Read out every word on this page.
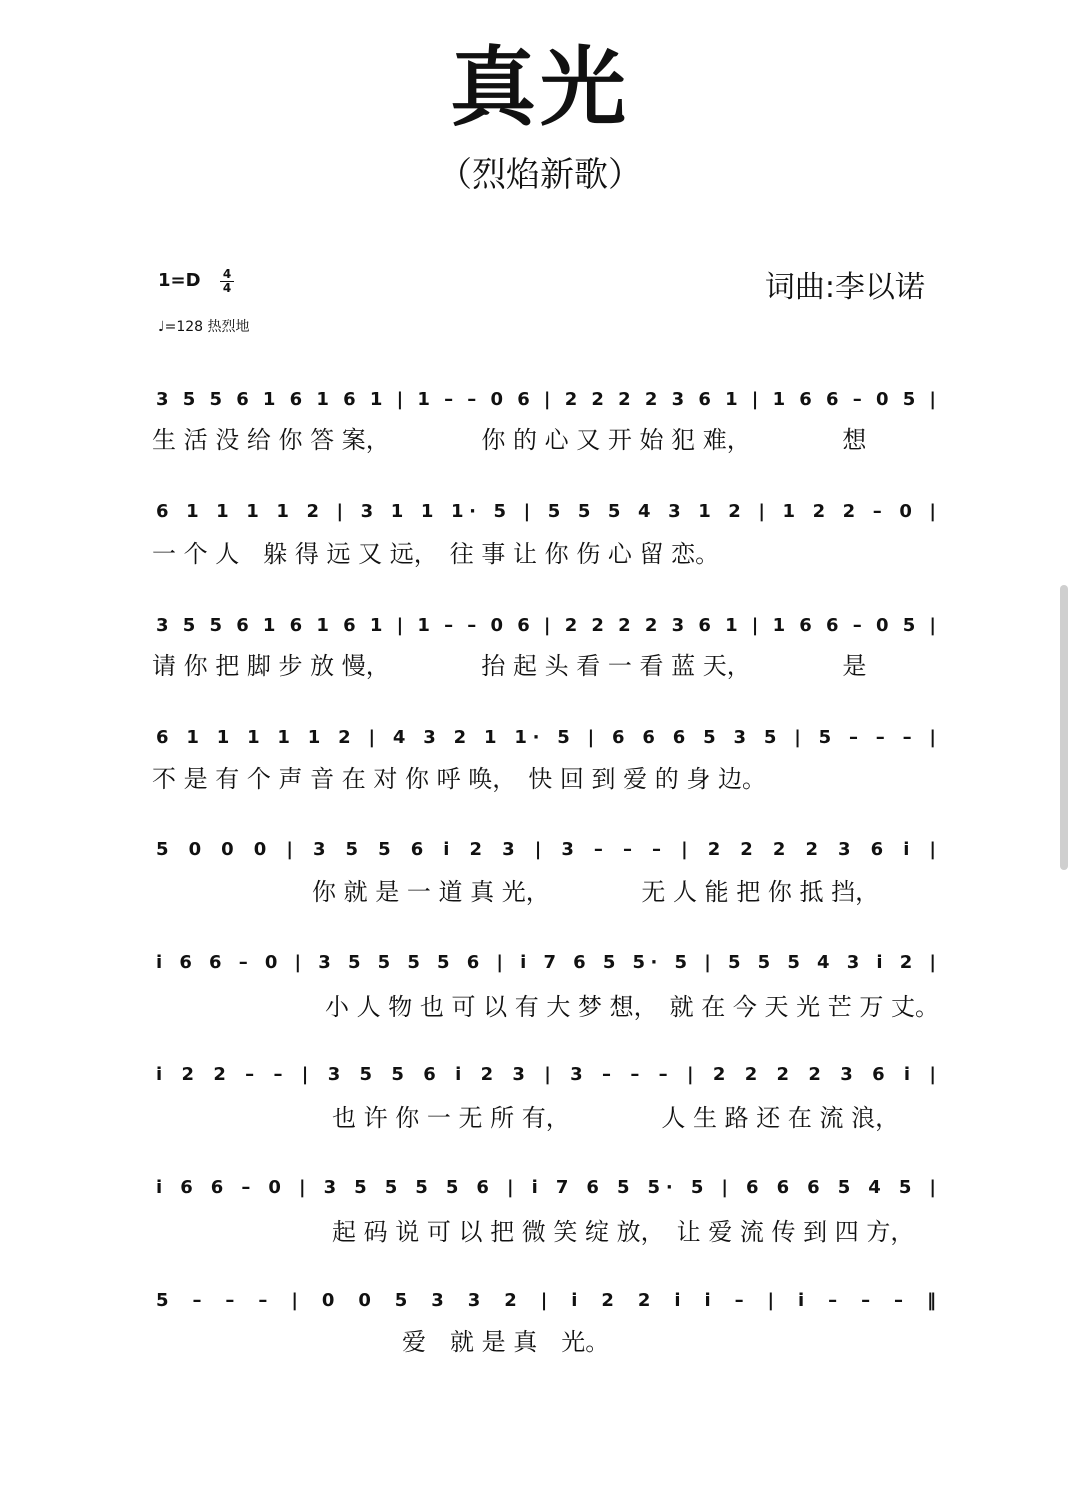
真光
（烈焰新歌）
1=D 4
4
♩=128 热烈地
词曲:李以诺
3 5 5 6 1 6 1 6 1 | 1 – – 0 6 | 2 2 2 2 3 6 1 | 1 6 6 – 0 5 |
生 活 没 给 你 答 案，　　　　 你 的 心 又 开 始 犯 难，　　　　 想
6 1 1 1 1 2 | 3 1 1 1· 5 | 5 5 5 4 3 1 2 | 1 2 2 – 0 |
一 个 人　躲 得 远 又 远，　往 事 让 你 伤 心 留 恋。
3 5 5 6 1 6 1 6 1 | 1 – – 0 6 | 2 2 2 2 3 6 1 | 1 6 6 – 0 5 |
请 你 把 脚 步 放 慢，　　　　 抬 起 头 看 一 看 蓝 天，　　　　 是
6 1 1 1 1 1 2 | 4 3 2 1 1· 5 | 6 6 6 5 3 5 | 5 – – – |
不 是 有 个 声 音 在 对 你 呼 唤，　快 回 到 爱 的 身 边。
5 0 0 0 | 3 5 5 6 i 2 3 | 3 – – – | 2 2 2 2 3 6 i |
你 就 是 一 道 真 光，　　　　 无 人 能 把 你 抵 挡，
i 6 6 – 0 | 3 5 5 5 5 6 | i 7 6 5 5· 5 | 5 5 5 4 3 i 2 |
小 人 物 也 可 以 有 大 梦 想，　就 在 今 天 光 芒 万 丈。
i 2 2 – – | 3 5 5 6 i 2 3 | 3 – – – | 2 2 2 2 3 6 i |
也 许 你 一 无 所 有，　　　　 人 生 路 还 在 流 浪，
i 6 6 – 0 | 3 5 5 5 5 6 | i 7 6 5 5· 5 | 6 6 6 5 4 5 |
起 码 说 可 以 把 微 笑 绽 放，　让 爱 流 传 到 四 方，
5 – – – | 0 0 5 3 3 2 | i 2 2 i i – | i – – – ‖
爱　就 是 真　光。
